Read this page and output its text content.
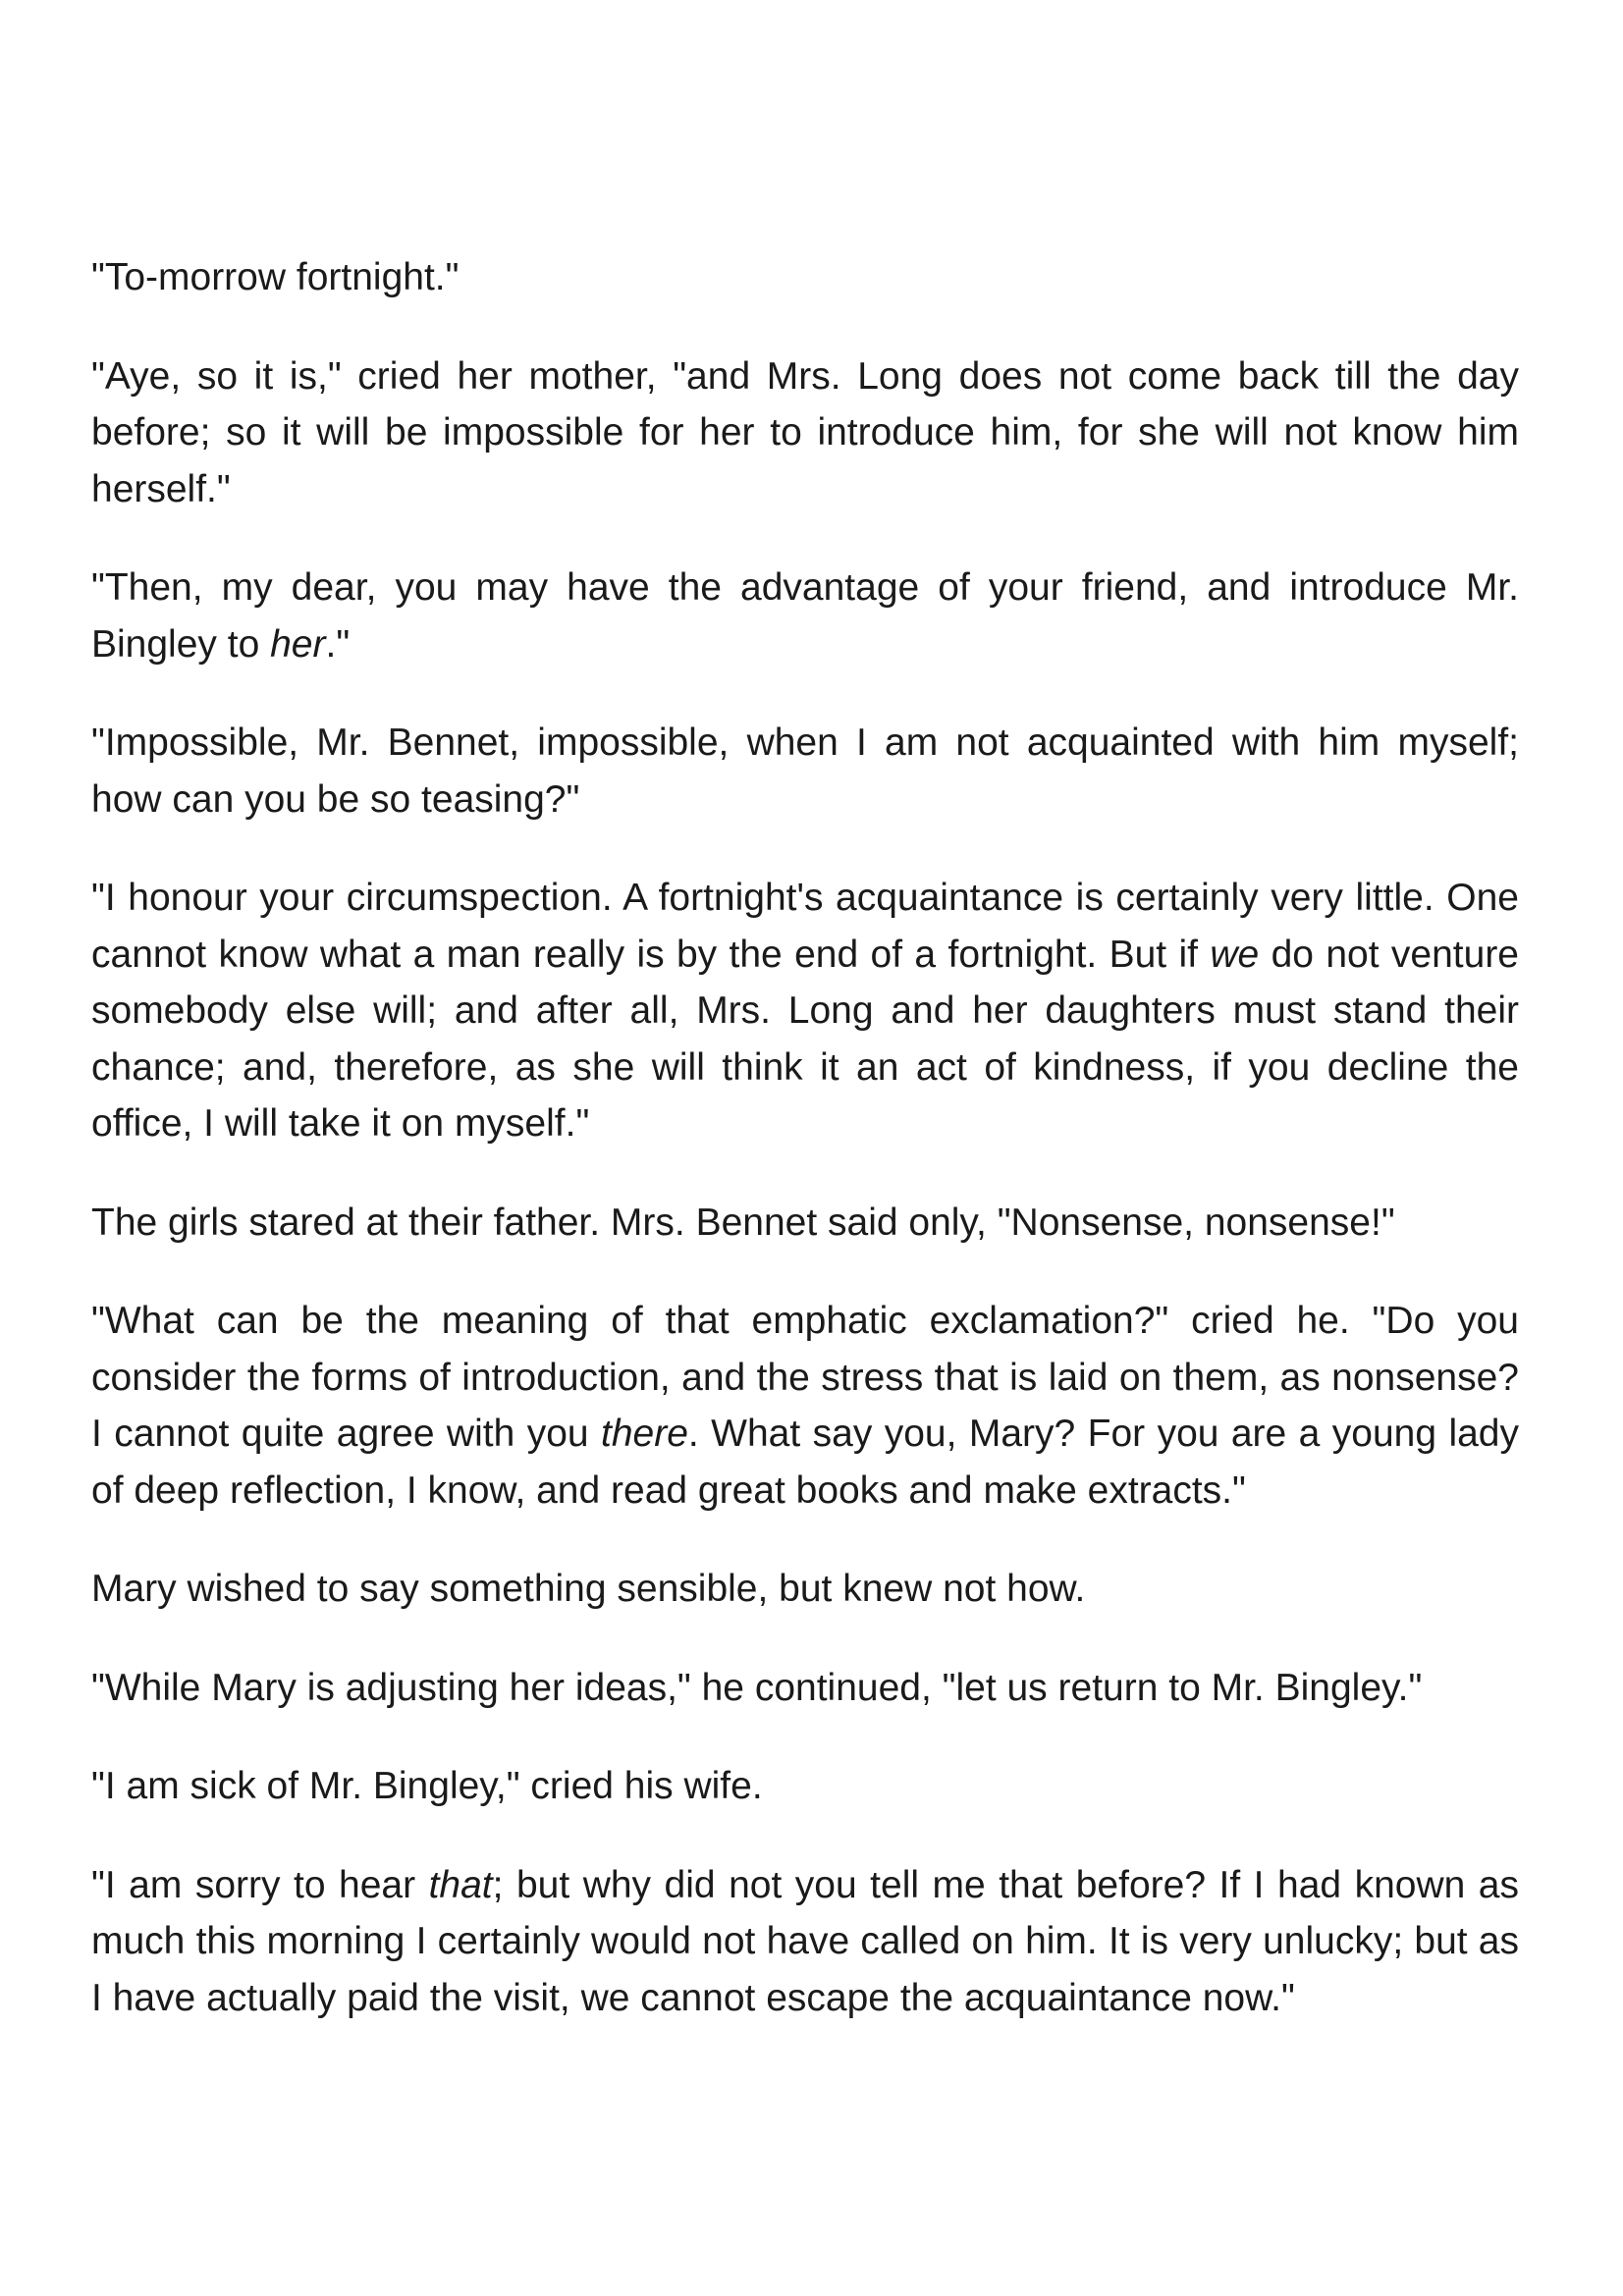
"To-morrow fortnight."

"Aye, so it is," cried her mother, "and Mrs. Long does not come back till the day before; so it will be impossible for her to introduce him, for she will not know him herself."

"Then, my dear, you may have the advantage of your friend, and introduce Mr. Bingley to her."

"Impossible, Mr. Bennet, impossible, when I am not acquainted with him myself; how can you be so teasing?"

"I honour your circumspection. A fortnight's acquaintance is certainly very little. One cannot know what a man really is by the end of a fortnight. But if we do not venture somebody else will; and after all, Mrs. Long and her daughters must stand their chance; and, therefore, as she will think it an act of kindness, if you decline the office, I will take it on myself."

The girls stared at their father. Mrs. Bennet said only, "Nonsense, nonsense!"

"What can be the meaning of that emphatic exclamation?" cried he. "Do you consider the forms of introduction, and the stress that is laid on them, as nonsense? I cannot quite agree with you there. What say you, Mary? For you are a young lady of deep reflection, I know, and read great books and make extracts."

Mary wished to say something sensible, but knew not how.

"While Mary is adjusting her ideas," he continued, "let us return to Mr. Bingley."

"I am sick of Mr. Bingley," cried his wife.

"I am sorry to hear that; but why did not you tell me that before? If I had known as much this morning I certainly would not have called on him. It is very unlucky; but as I have actually paid the visit, we cannot escape the acquaintance now."
